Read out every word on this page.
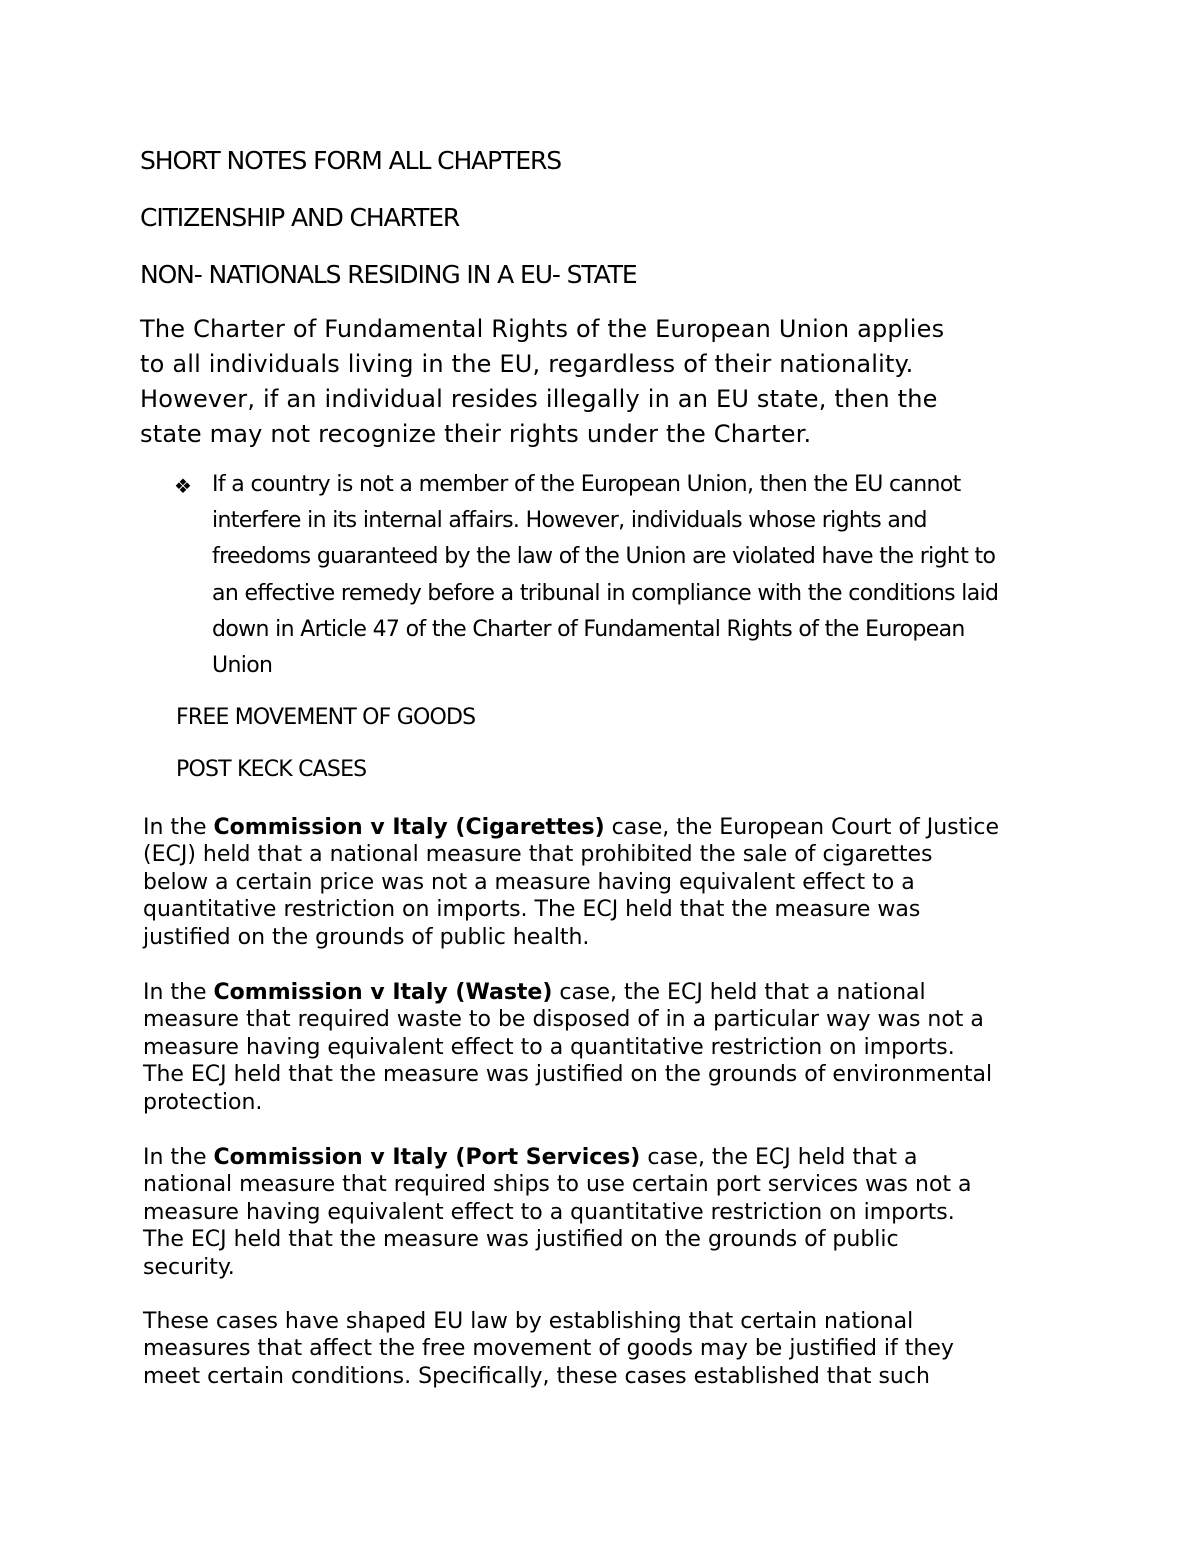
SHORT NOTES FORM ALL CHAPTERS
CITIZENSHIP AND CHARTER
NON- NATIONALS RESIDING IN A EU- STATE
The Charter of Fundamental Rights of the European Union applies
to all individuals living in the EU, regardless of their nationality.
However, if an individual resides illegally in an EU state, then the
state may not recognize their rights under the Charter.
❖ If a country is not a member of the European Union, then the EU cannot
interfere in its internal affairs. However, individuals whose rights and
freedoms guaranteed by the law of the Union are violated have the right to
an effective remedy before a tribunal in compliance with the conditions laid
down in Article 47 of the Charter of Fundamental Rights of the European
Union
FREE MOVEMENT OF GOODS
POST KECK CASES
In the Commission v Italy (Cigarettes) case, the European Court of Justice
(ECJ) held that a national measure that prohibited the sale of cigarettes
below a certain price was not a measure having equivalent effect to a
quantitative restriction on imports. The ECJ held that the measure was
justified on the grounds of public health.
In the Commission v Italy (Waste) case, the ECJ held that a national
measure that required waste to be disposed of in a particular way was not a
measure having equivalent effect to a quantitative restriction on imports.
The ECJ held that the measure was justified on the grounds of environmental
protection.
In the Commission v Italy (Port Services) case, the ECJ held that a
national measure that required ships to use certain port services was not a
measure having equivalent effect to a quantitative restriction on imports.
The ECJ held that the measure was justified on the grounds of public
security.
These cases have shaped EU law by establishing that certain national
measures that affect the free movement of goods may be justified if they
meet certain conditions. Specifically, these cases established that such
